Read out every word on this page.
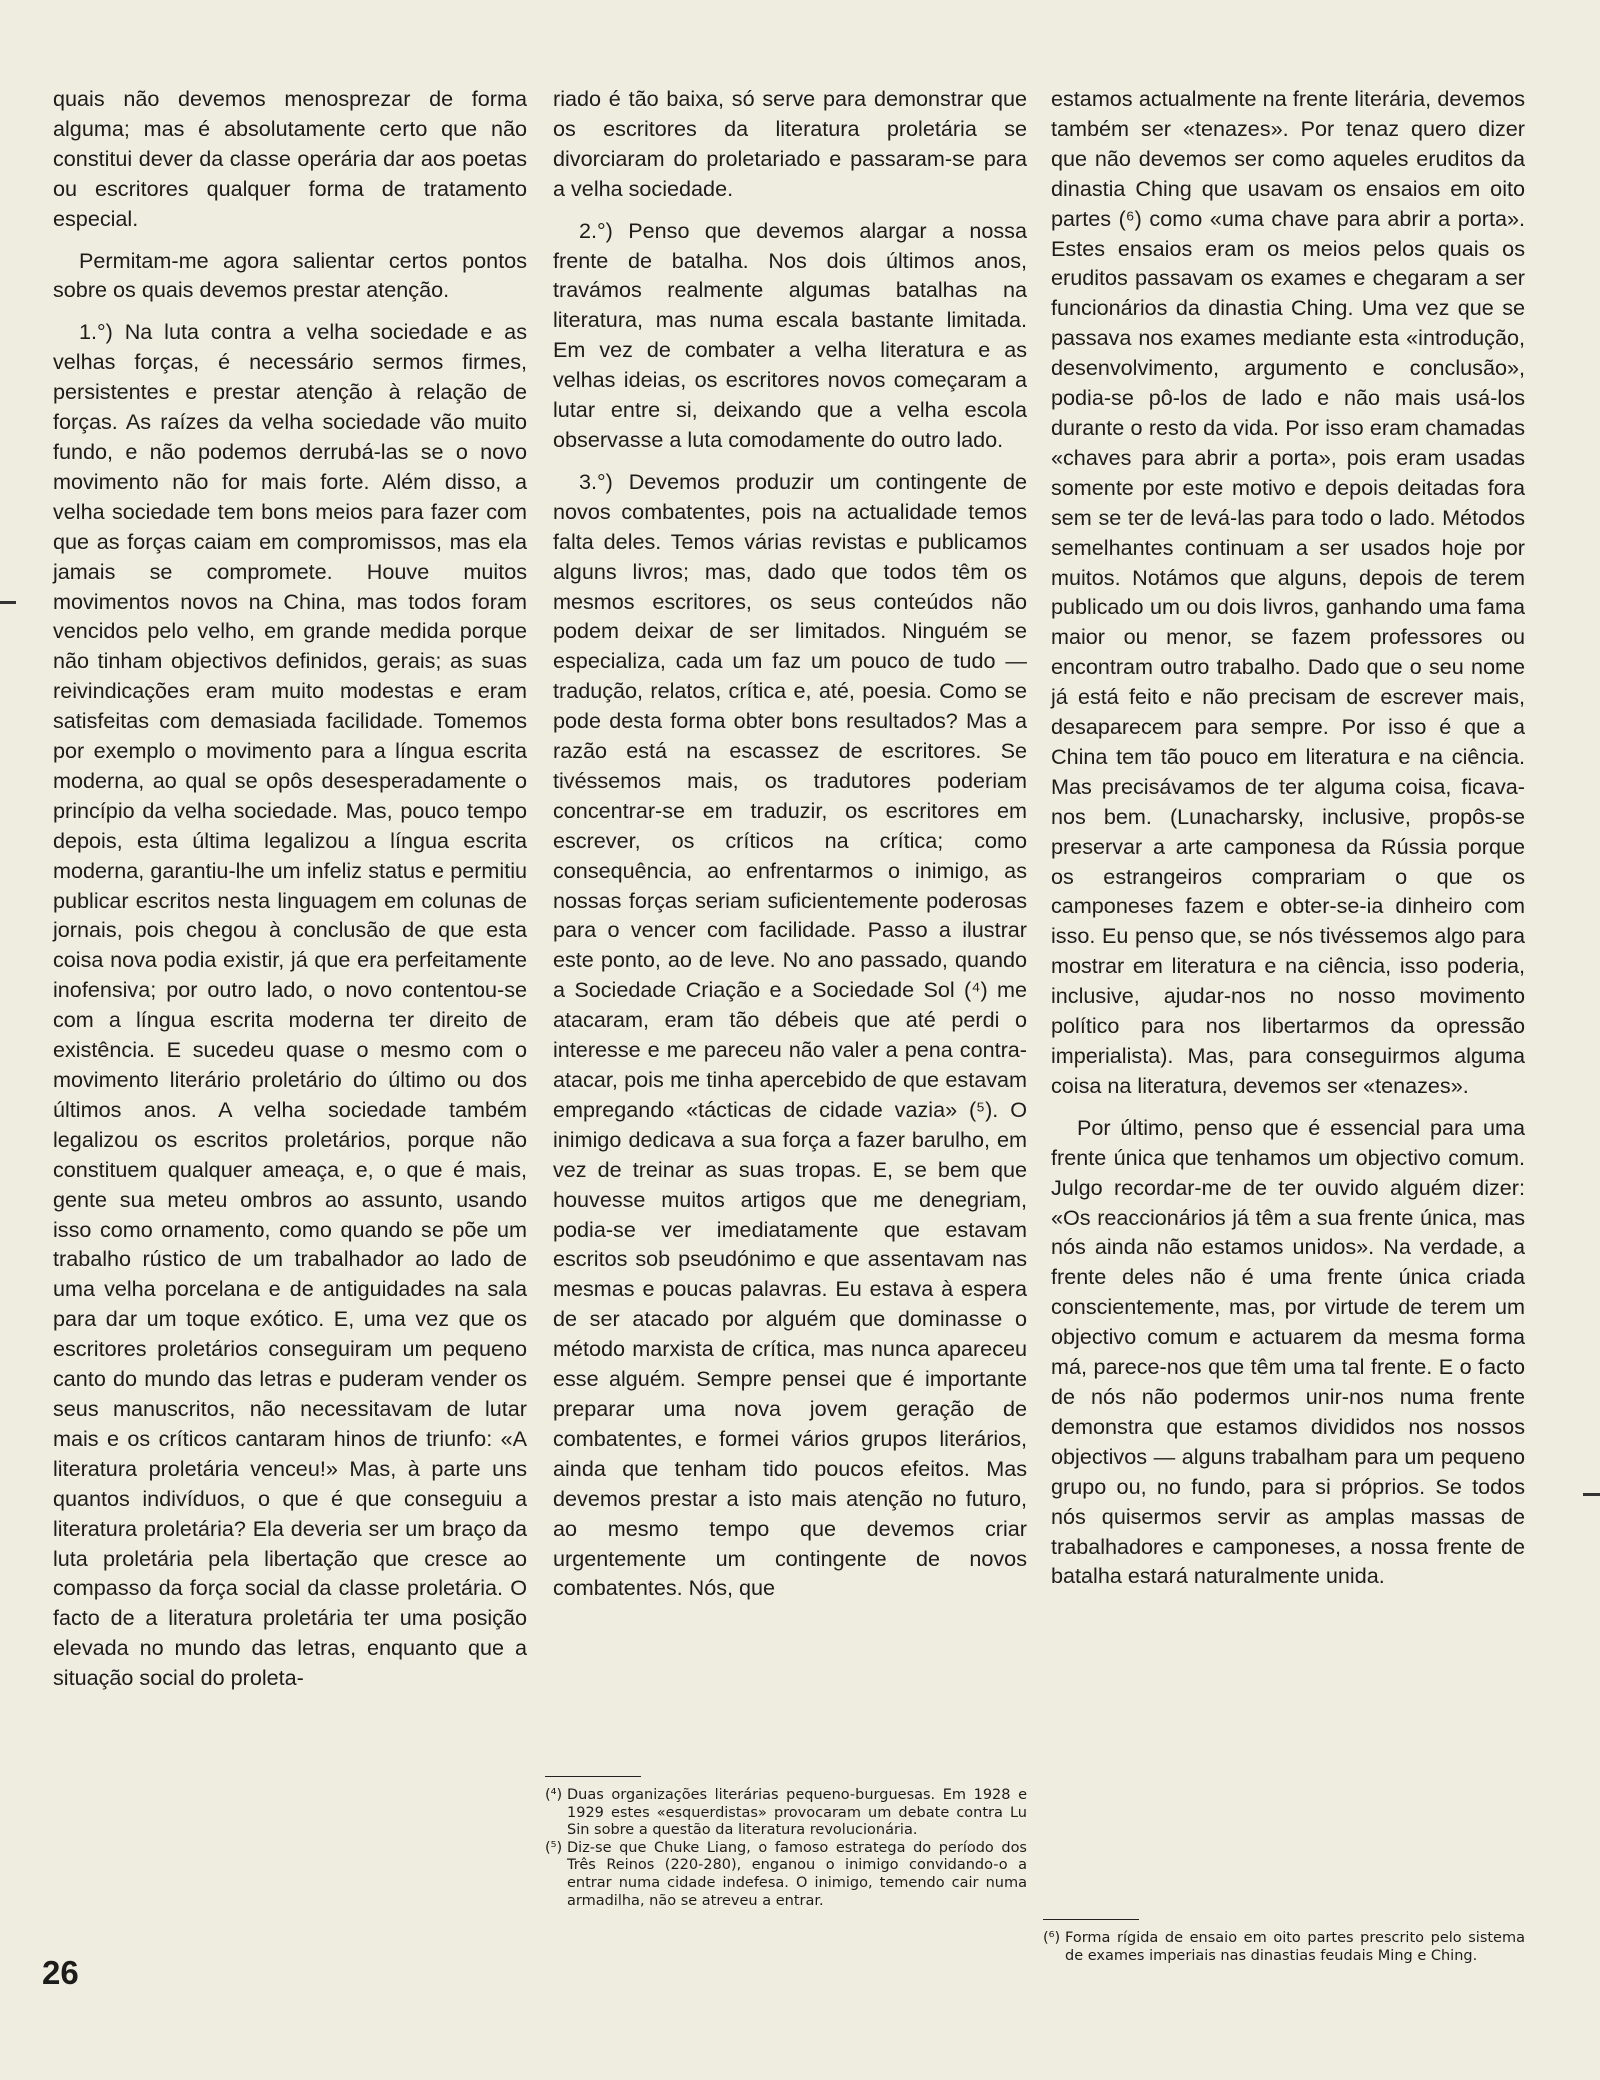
quais não devemos menosprezar de forma alguma; mas é absolutamente certo que não constitui dever da classe operária dar aos poetas ou escritores qualquer forma de tratamento especial.

Permitam-me agora salientar certos pontos sobre os quais devemos prestar atenção.

1.°) Na luta contra a velha sociedade e as velhas forças, é necessário sermos firmes, persistentes e prestar atenção à relação de forças. As raízes da velha sociedade vão muito fundo, e não podemos derrubá-las se o novo movimento não for mais forte. Além disso, a velha sociedade tem bons meios para fazer com que as forças caiam em compromissos, mas ela jamais se compromete. Houve muitos movimentos novos na China, mas todos foram vencidos pelo velho, em grande medida porque não tinham objectivos definidos, gerais; as suas reivindicações eram muito modestas e eram satisfeitas com demasiada facilidade. Tomemos por exemplo o movimento para a língua escrita moderna, ao qual se opôs desesperadamente o princípio da velha sociedade. Mas, pouco tempo depois, esta última legalizou a língua escrita moderna, garantiu-lhe um infeliz status e permitiu publicar escritos nesta linguagem em colunas de jornais, pois chegou à conclusão de que esta coisa nova podia existir, já que era perfeitamente inofensiva; por outro lado, o novo contentou-se com a língua escrita moderna ter direito de existência. E sucedeu quase o mesmo com o movimento literário proletário do último ou dos últimos anos. A velha sociedade também legalizou os escritos proletários, porque não constituem qualquer ameaça, e, o que é mais, gente sua meteu ombros ao assunto, usando isso como ornamento, como quando se põe um trabalho rústico de um trabalhador ao lado de uma velha porcelana e de antiguidades na sala para dar um toque exótico. E, uma vez que os escritores proletários conseguiram um pequeno canto do mundo das letras e puderam vender os seus manuscritos, não necessitavam de lutar mais e os críticos cantaram hinos de triunfo: «A literatura proletária venceu!» Mas, à parte uns quantos indivíduos, o que é que conseguiu a literatura proletária? Ela deveria ser um braço da luta proletária pela libertação que cresce ao compasso da força social da classe proletária. O facto de a literatura proletária ter uma posição elevada no mundo das letras, enquanto que a situação social do proleta-

riado é tão baixa, só serve para demonstrar que os escritores da literatura proletária se divorciaram do proletariado e passaram-se para a velha sociedade.

2.°) Penso que devemos alargar a nossa frente de batalha. Nos dois últimos anos, travámos realmente algumas batalhas na literatura, mas numa escala bastante limitada. Em vez de combater a velha literatura e as velhas ideias, os escritores novos começaram a lutar entre si, deixando que a velha escola observasse a luta comodamente do outro lado.

3.°) Devemos produzir um contingente de novos combatentes, pois na actualidade temos falta deles. Temos várias revistas e publicamos alguns livros; mas, dado que todos têm os mesmos escritores, os seus conteúdos não podem deixar de ser limitados. Ninguém se especializa, cada um faz um pouco de tudo — tradução, relatos, crítica e, até, poesia. Como se pode desta forma obter bons resultados? Mas a razão está na escassez de escritores. Se tivéssemos mais, os tradutores poderiam concentrar-se em traduzir, os escritores em escrever, os críticos na crítica; como consequência, ao enfrentarmos o inimigo, as nossas forças seriam suficientemente poderosas para o vencer com facilidade. Passo a ilustrar este ponto, ao de leve. No ano passado, quando a Sociedade Criação e a Sociedade Sol (⁴) me atacaram, eram tão débeis que até perdi o interesse e me pareceu não valer a pena contra-atacar, pois me tinha apercebido de que estavam empregando «tácticas de cidade vazia» (⁵). O inimigo dedicava a sua força a fazer barulho, em vez de treinar as suas tropas. E, se bem que houvesse muitos artigos que me denegriam, podia-se ver imediatamente que estavam escritos sob pseudónimo e que assentavam nas mesmas e poucas palavras. Eu estava à espera de ser atacado por alguém que dominasse o método marxista de crítica, mas nunca apareceu esse alguém. Sempre pensei que é importante preparar uma nova jovem geração de combatentes, e formei vários grupos literários, ainda que tenham tido poucos efeitos. Mas devemos prestar a isto mais atenção no futuro, ao mesmo tempo que devemos criar urgentemente um contingente de novos combatentes. Nós, que

estamos actualmente na frente literária, devemos também ser «tenazes». Por tenaz quero dizer que não devemos ser como aqueles eruditos da dinastia Ching que usavam os ensaios em oito partes (⁶) como «uma chave para abrir a porta». Estes ensaios eram os meios pelos quais os eruditos passavam os exames e chegaram a ser funcionários da dinastia Ching. Uma vez que se passava nos exames mediante esta «introdução, desenvolvimento, argumento e conclusão», podia-se pô-los de lado e não mais usá-los durante o resto da vida. Por isso eram chamadas «chaves para abrir a porta», pois eram usadas somente por este motivo e depois deitadas fora sem se ter de levá-las para todo o lado. Métodos semelhantes continuam a ser usados hoje por muitos. Notámos que alguns, depois de terem publicado um ou dois livros, ganhando uma fama maior ou menor, se fazem professores ou encontram outro trabalho. Dado que o seu nome já está feito e não precisam de escrever mais, desaparecem para sempre. Por isso é que a China tem tão pouco em literatura e na ciência. Mas precisávamos de ter alguma coisa, ficava-nos bem. (Lunacharsky, inclusive, propôs-se preservar a arte camponesa da Rússia porque os estrangeiros comprariam o que os camponeses fazem e obter-se-ia dinheiro com isso. Eu penso que, se nós tivéssemos algo para mostrar em literatura e na ciência, isso poderia, inclusive, ajudar-nos no nosso movimento político para nos libertarmos da opressão imperialista). Mas, para conseguirmos alguma coisa na literatura, devemos ser «tenazes».

Por último, penso que é essencial para uma frente única que tenhamos um objectivo comum. Julgo recordar-me de ter ouvido alguém dizer: «Os reaccionários já têm a sua frente única, mas nós ainda não estamos unidos». Na verdade, a frente deles não é uma frente única criada conscientemente, mas, por virtude de terem um objectivo comum e actuarem da mesma forma má, parece-nos que têm uma tal frente. E o facto de nós não podermos unir-nos numa frente demonstra que estamos divididos nos nossos objectivos — alguns trabalham para um pequeno grupo ou, no fundo, para si próprios. Se todos nós quisermos servir as amplas massas de trabalhadores e camponeses, a nossa frente de batalha estará naturalmente unida.

(⁴) Duas organizações literárias pequeno-burguesas. Em 1928 e 1929 estes «esquerdistas» provocaram um debate contra Lu Sin sobre a questão da literatura revolucionária.
(⁵) Diz-se que Chuke Liang, o famoso estratega do período dos Três Reinos (220-280), enganou o inimigo convidando-o a entrar numa cidade indefesa. O inimigo, temendo cair numa armadilha, não se atreveu a entrar.
(⁶) Forma rígida de ensaio em oito partes prescrito pelo sistema de exames imperiais nas dinastias feudais Ming e Ching.
26
